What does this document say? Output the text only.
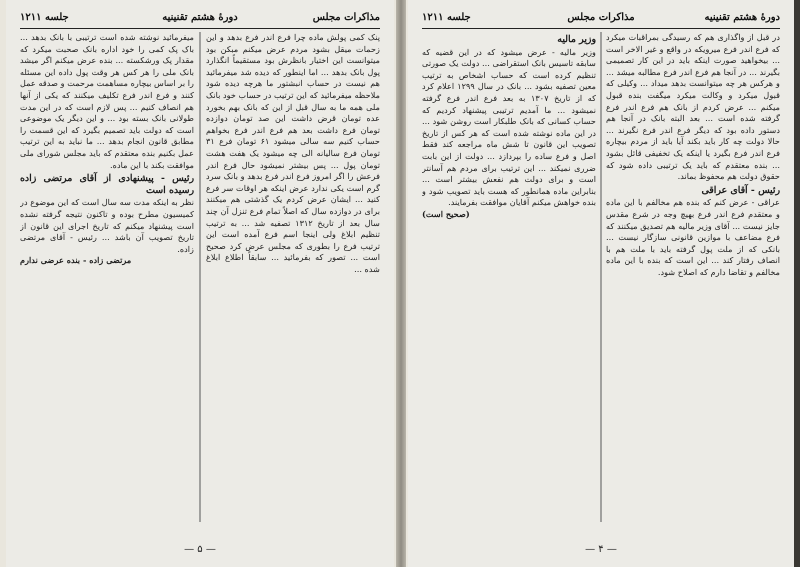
مذاکرات مجلس
دورهٔ هشتم تقنینیه
جلسه ۱۲۱۱

پنک کمی پولش ماده چرا فرع اندر فرع بدهد و این زحمات میقل بشود مردم عرض میکنم مبکن بود میتوانست این اختیار بانظرش بود مستقیماً انگذارد پول بانک بدهد ... اما اینطور که دیده شد میفرمائید هم نیست در حساب انبشتور ما هرچه دیده شود ملاحظه میفرمائید که این ترتیب در حساب خود بانک ملی همه ما به سال قبل از این که بانک بهم بخورد عده تومان قرض داشت این صد تومان دوازده تومان فرع داشت بعد هم فرع اندر فرع بخواهم حساب کنیم سه سالی میشود ۶۱ تومان فرع ۳۱ تومان فرع سالیانه الی چه میشود یک هفت هشت تومان پول ... پس بیشتر نمیشود حال فرع اندر فرعش را اگر امروز فرع اندر فرع بدهد و بانک سرد گرم است یکی ندارد عرض اینکه هر اوقات سر فرع کنید ... ایشان عرض کردم یک گذشتی هم میکنند برای در دوازده سال که اصلاً تمام فرع تنزل آن چند سال بعد از تاریخ ۱۳۱۲ تصفیه شد ... به ترتیب تنظیم ابلاغ ولی اینجا اسم فرع آمده است این ترتیب فرع را بطوری که مجلس عرض کرد صحیح است ... تصور که بفرمائید ... سابقاً اطلاع ابلاغ شده ...

میفرمائید نوشته شده است ترتیبی با بانک بدهد ... باک پک کمی را خود اداره بانک صحبت میکرد که مقدار پک ورشکسته ... بنده عرض میکنم اگر میشد بانک ملی را هر کس هر وقت پول داده این مسئله را بر اساس بیچاره مساهمت مرحمت و صدقه عمل کنند و فرع اندر فرع تکلیف میکنند که یکی از آنها هم انصاف کنیم ... پس لازم است که در این مدت طولانی بانک بسته بود ... و این دیگر یک موضوعی است که دولت باید تصمیم بگیرد که این قسمت را مطابق قانون انجام بدهد ... ما نباید به این ترتیب عمل بکنیم بنده معتقدم که باید مجلس شورای ملی موافقت بکند با این ماده.

رئیس - پیشنهادی از آقای مرتضی زاده رسیده است

نظر به اینکه مدت سه سال است که این موضوع در کمیسیون مطرح بوده و تاکنون نتیجه گرفته نشده است پیشنهاد میکنم که تاریخ اجرای این قانون از تاریخ تصویب آن باشد ... رئیس - آقای مرتضی زاده.

مرتضی زاده - بنده عرضی ندارم
— ۵ —
دورهٔ هشتم تقنینیه
مذاکرات مجلس
جلسه ۱۲۱۱

در قبل از واگذاری هم که رسیدگی بمراقبات میکرد که فرع اندر فرع میرویکه در واقع و غیر الاخر است ... بیخواهید صورت اینکه باید در این کار تصمیمی بگیرند ... در آنجا هم فرع اندر فرع مطالبه میشد ... و هرکس هر چه میتوانست بدهد میداد ... وکیلی که قبول میکرد و وکالت میکرد میگفت بنده قبول میکنم ... عرض کردم از بانک هم فرع اندر فرع گرفته شده است ... بعد البته بانک در آنجا هم دستور داده بود که دیگر فرع اندر فرع نگیرند ... حالا دولت چه کار باید بکند آیا باید از مردم بیچاره فرع اندر فرع بگیرد یا اینکه یک تخفیفی قائل بشود ... بنده معتقدم که باید یک ترتیبی داده شود که حقوق دولت هم محفوظ بماند.

رئیس - آقای عراقی

عراقی - عرض کنم که بنده هم مخالفم با این ماده و معتقدم فرع اندر فرع بهیچ وجه در شرع مقدس جایز نیست ... آقای وزیر مالیه هم تصدیق میکنند که فرع مضاعف با موازین قانونی سازگار نیست ... بانکی که از ملت پول گرفته باید با ملت هم با انصاف رفتار کند ... این است که بنده با این ماده مخالفم و تقاضا دارم که اصلاح شود.

وزیر مالیه

وزیر مالیه - عرض میشود که در این قضیه که سابقه تاسیس بانک استقراضی ... دولت یک صورتی تنظیم کرده است که حساب اشخاص به ترتیب معین تصفیه بشود ... بانک در سال ۱۲۹۹ اعلام کرد که از تاریخ ۱۳۰۷ به بعد فرع اندر فرع گرفته نمیشود ... ما آمدیم ترتیبی پیشنهاد کردیم که حساب کسانی که بانک طلبکار است روشن شود ... در این ماده نوشته شده است که هر کس از تاریخ تصویب این قانون تا شش ماه مراجعه کند فقط اصل و فرع ساده را بپردازد ... دولت از این بابت ضرری نمیکند ... این ترتیب برای مردم هم آسانتر است و برای دولت هم نفعش بیشتر است ... بنابراین ماده همانطور که هست باید تصویب شود و بنده خواهش میکنم آقایان موافقت بفرمایند.

(صحیح است)
— ۴ —
